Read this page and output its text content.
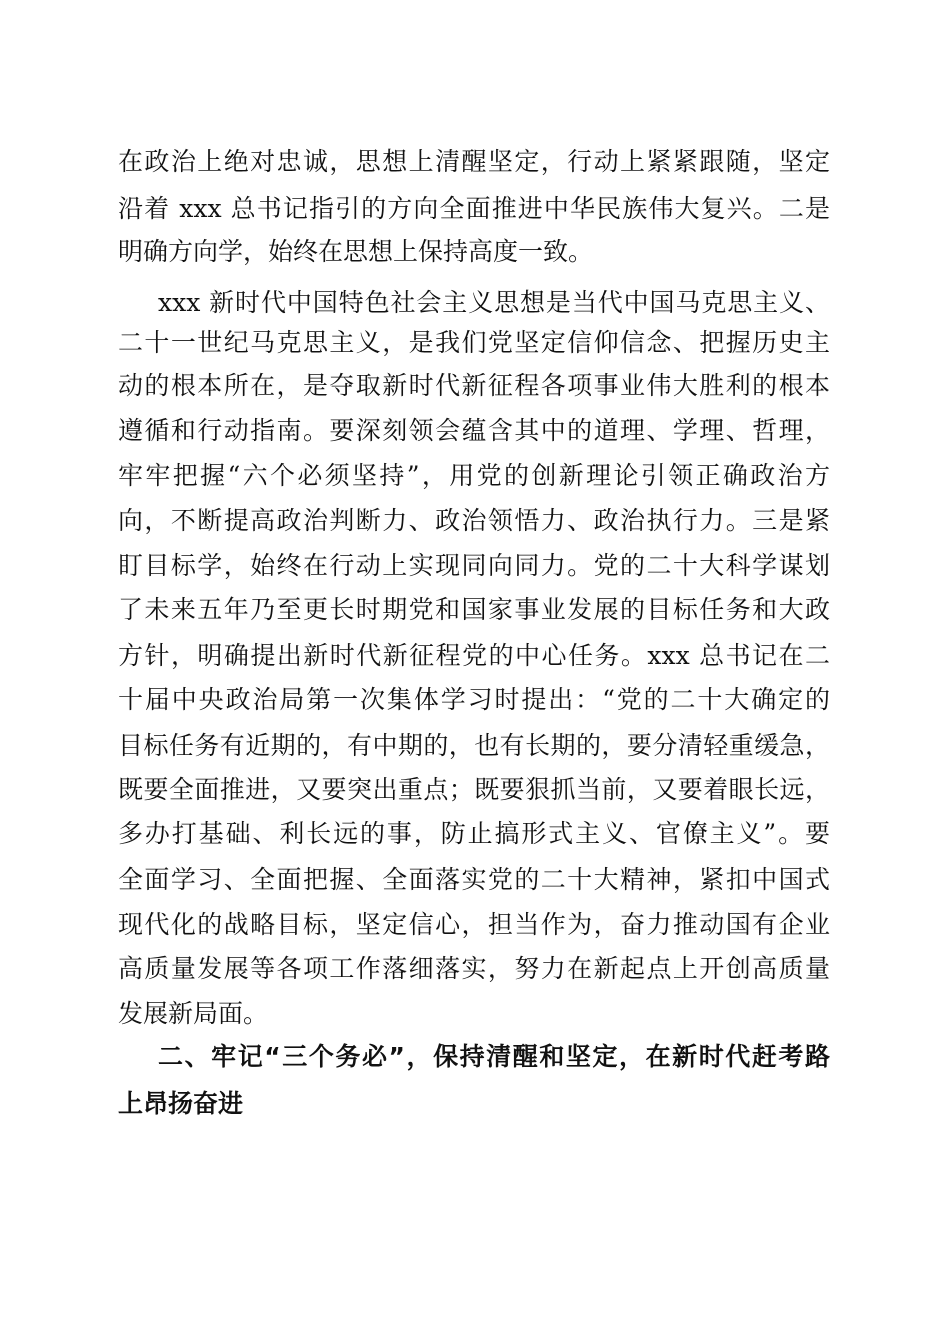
在政治上绝对忠诚，思想上清醒坚定，行动上紧紧跟随，坚定
沿着 xxx 总书记指引的方向全面推进中华民族伟大复兴。二是
明确方向学，始终在思想上保持高度一致。
xxx 新时代中国特色社会主义思想是当代中国马克思主义、
二十一世纪马克思主义，是我们党坚定信仰信念、把握历史主
动的根本所在，是夺取新时代新征程各项事业伟大胜利的根本
遵循和行动指南。要深刻领会蕴含其中的道理、学理、哲理，
牢牢把握“六个必须坚持”，用党的创新理论引领正确政治方
向，不断提高政治判断力、政治领悟力、政治执行力。三是紧
盯目标学，始终在行动上实现同向同力。党的二十大科学谋划
了未来五年乃至更长时期党和国家事业发展的目标任务和大政
方针，明确提出新时代新征程党的中心任务。xxx 总书记在二
十届中央政治局第一次集体学习时提出：“党的二十大确定的
目标任务有近期的，有中期的，也有长期的，要分清轻重缓急，
既要全面推进，又要突出重点；既要狠抓当前，又要着眼长远，
多办打基础、利长远的事，防止搞形式主义、官僚主义”。要
全面学习、全面把握、全面落实党的二十大精神，紧扣中国式
现代化的战略目标，坚定信心，担当作为，奋力推动国有企业
高质量发展等各项工作落细落实，努力在新起点上开创高质量
发展新局面。
二、牢记“三个务必”，保持清醒和坚定，在新时代赶考路
上昂扬奋进
